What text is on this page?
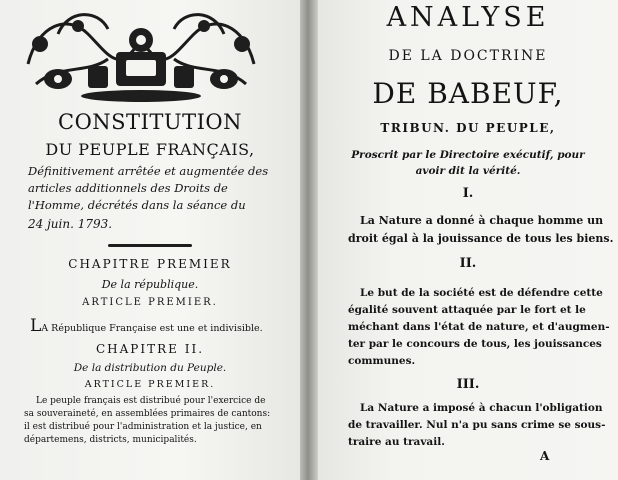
CONSTITUTION
DU PEUPLE FRANÇAIS,
Définitivement arrêtée et augmentée des
articles additionnels des Droits de
l'Homme, décrétés dans la séance du
24 juin. 1793.
CHAPITRE PREMIER
De la république.
ARTICLE PREMIER.
LA République Française est une et indivisible.
CHAPITRE II.
De la distribution du Peuple.
ARTICLE PREMIER.
Le peuple français est distribué pour l'exercice de
sa souveraineté, en assemblées primaires de cantons:
il est distribué pour l'administration et la justice, en
départemens, districts, municipalités.
ANALYSE
DE LA DOCTRINE
DE BABEUF,
TRIBUN. DU PEUPLE,
Proscrit par le Directoire exécutif, pour
avoir dit la vérité.
I.
La Nature a donné à chaque homme un
droit égal à la jouissance de tous les biens.
II.
Le but de la société est de défendre cette
égalité souvent attaquée par le fort et le
méchant dans l'état de nature, et d'augmen-
ter par le concours de tous, les jouissances
communes.
III.
La Nature a imposé à chacun l'obligation
de travailler. Nul n'a pu sans crime se sous-
traire au travail.
A
